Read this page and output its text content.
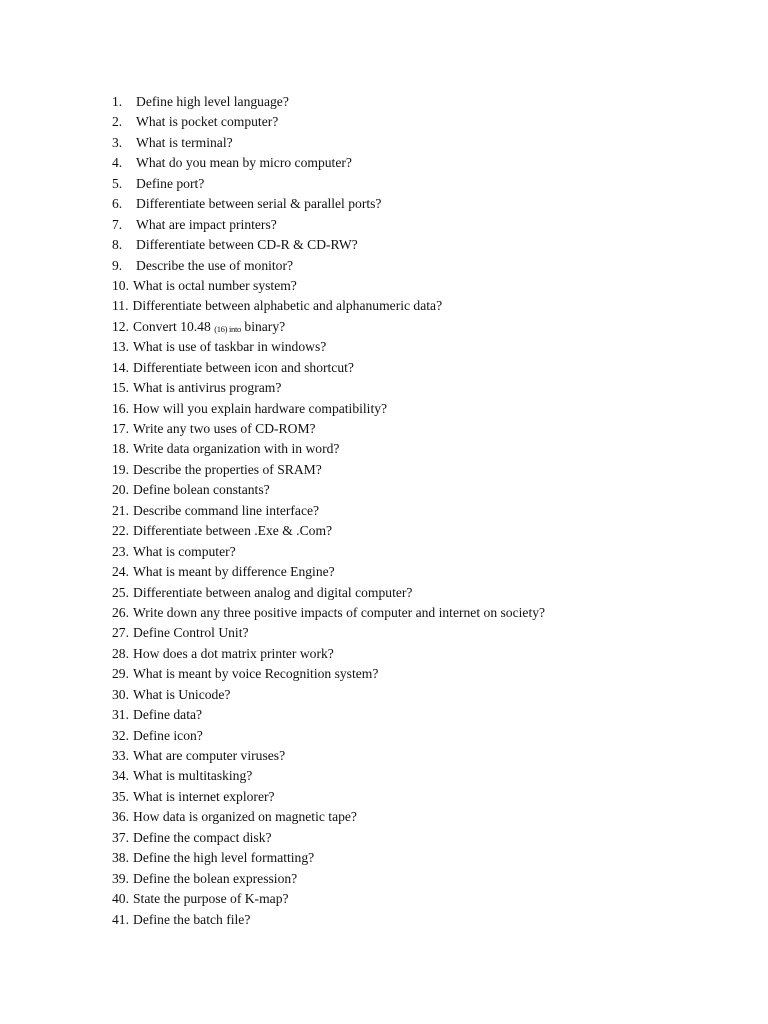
1. Define high level language?
2. What is pocket computer?
3. What is terminal?
4. What do you mean by micro computer?
5. Define port?
6. Differentiate between serial & parallel ports?
7. What are impact printers?
8. Differentiate between CD-R & CD-RW?
9. Describe the use of monitor?
10. What is octal number system?
11. Differentiate between alphabetic and alphanumeric data?
12. Convert 10.48 (16) into binary?
13. What is use of taskbar in windows?
14. Differentiate between icon and shortcut?
15. What is antivirus program?
16. How will you explain hardware compatibility?
17. Write any two uses of CD-ROM?
18. Write data organization with in word?
19. Describe the properties of SRAM?
20. Define bolean constants?
21. Describe command line interface?
22. Differentiate between .Exe & .Com?
23. What is computer?
24. What is meant by difference Engine?
25. Differentiate between analog and digital computer?
26. Write down any three positive impacts of computer and internet on society?
27. Define Control Unit?
28. How does a dot matrix printer work?
29. What is meant by voice Recognition system?
30. What is Unicode?
31. Define data?
32. Define icon?
33. What are computer viruses?
34. What is multitasking?
35. What is internet explorer?
36. How data is organized on magnetic tape?
37. Define the compact disk?
38. Define the high level formatting?
39. Define the bolean expression?
40. State the purpose of K-map?
41. Define the batch file?
